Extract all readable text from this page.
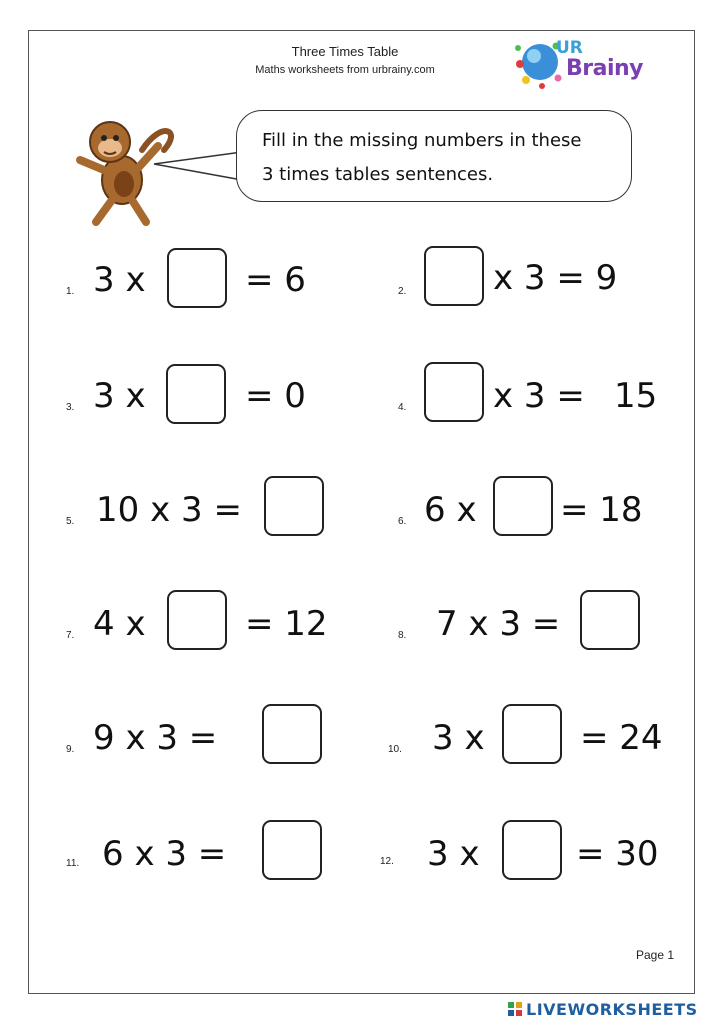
Three Times Table
Maths worksheets from urbrainy.com
UR
Brainy
Fill in the missing numbers in these
3 times tables sentences.
1. 3 x	= 6	2.	x 3 = 9
3. 3 x	= 0	4.	x 3 = 15
5. 10 x 3 =	6. 6 x = 18
7. 4 x	= 12	8. 7 x 3 =
9. 9 x 3 =	10. 3 x	= 24
11. 6 x 3 =	12. 3 x	= 30
Page 1
LIVEWORKSHEETS
